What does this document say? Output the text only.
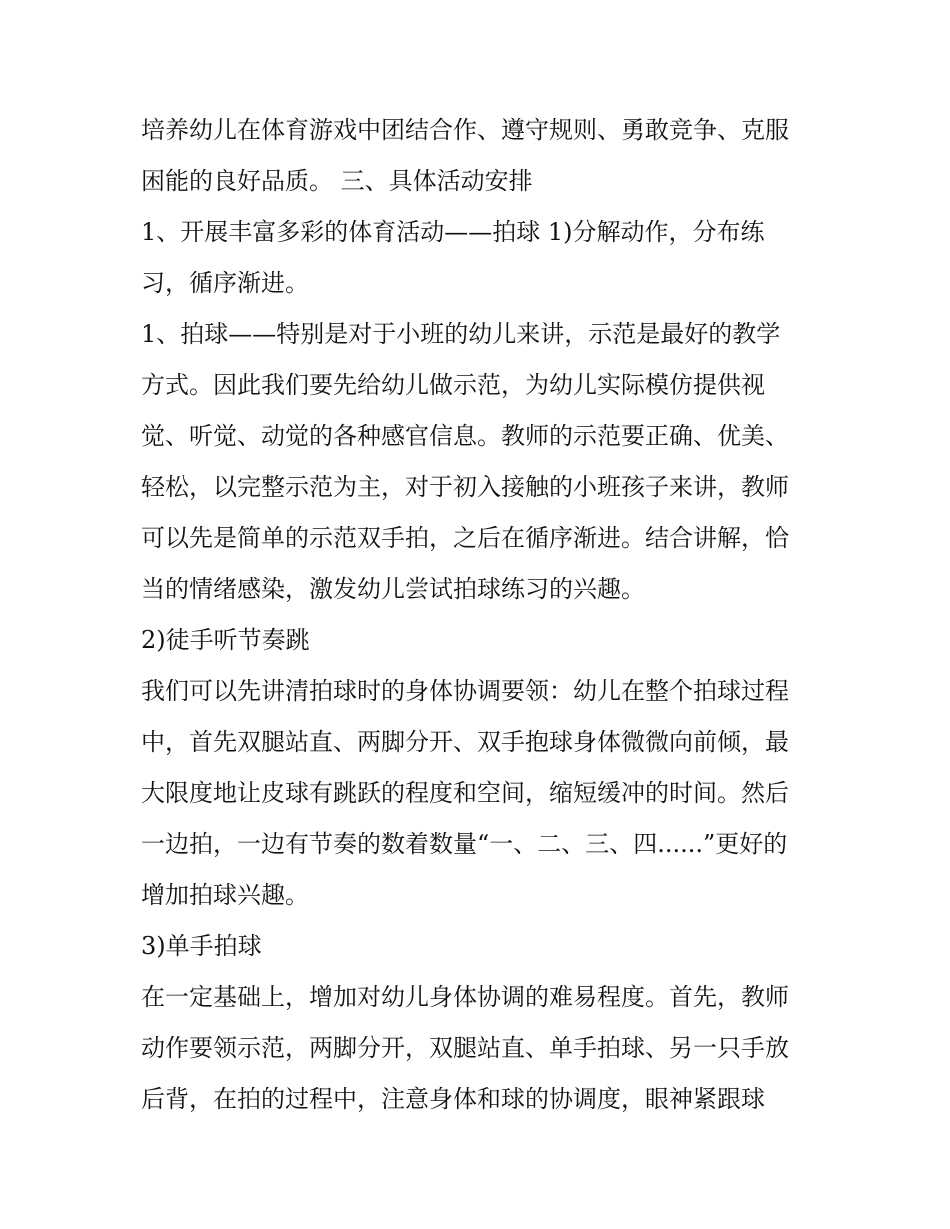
培养幼儿在体育游戏中团结合作、遵守规则、勇敢竞争、克服
困能的良好品质。 三、具体活动安排
1、开展丰富多彩的体育活动——拍球 1)分解动作，分布练
习，循序渐进。
1、拍球——特别是对于小班的幼儿来讲，示范是最好的教学
方式。因此我们要先给幼儿做示范，为幼儿实际模仿提供视
觉、听觉、动觉的各种感官信息。教师的示范要正确、优美、
轻松，以完整示范为主，对于初入接触的小班孩子来讲，教师
可以先是简单的示范双手拍，之后在循序渐进。结合讲解，恰
当的情绪感染，激发幼儿尝试拍球练习的兴趣。
2)徒手听节奏跳
我们可以先讲清拍球时的身体协调要领：幼儿在整个拍球过程
中，首先双腿站直、两脚分开、双手抱球身体微微向前倾，最
大限度地让皮球有跳跃的程度和空间，缩短缓冲的时间。然后
一边拍，一边有节奏的数着数量“一、二、三、四......”更好的
增加拍球兴趣。
3)单手拍球
在一定基础上，增加对幼儿身体协调的难易程度。首先，教师
动作要领示范，两脚分开，双腿站直、单手拍球、另一只手放
后背，在拍的过程中，注意身体和球的协调度，眼神紧跟球
